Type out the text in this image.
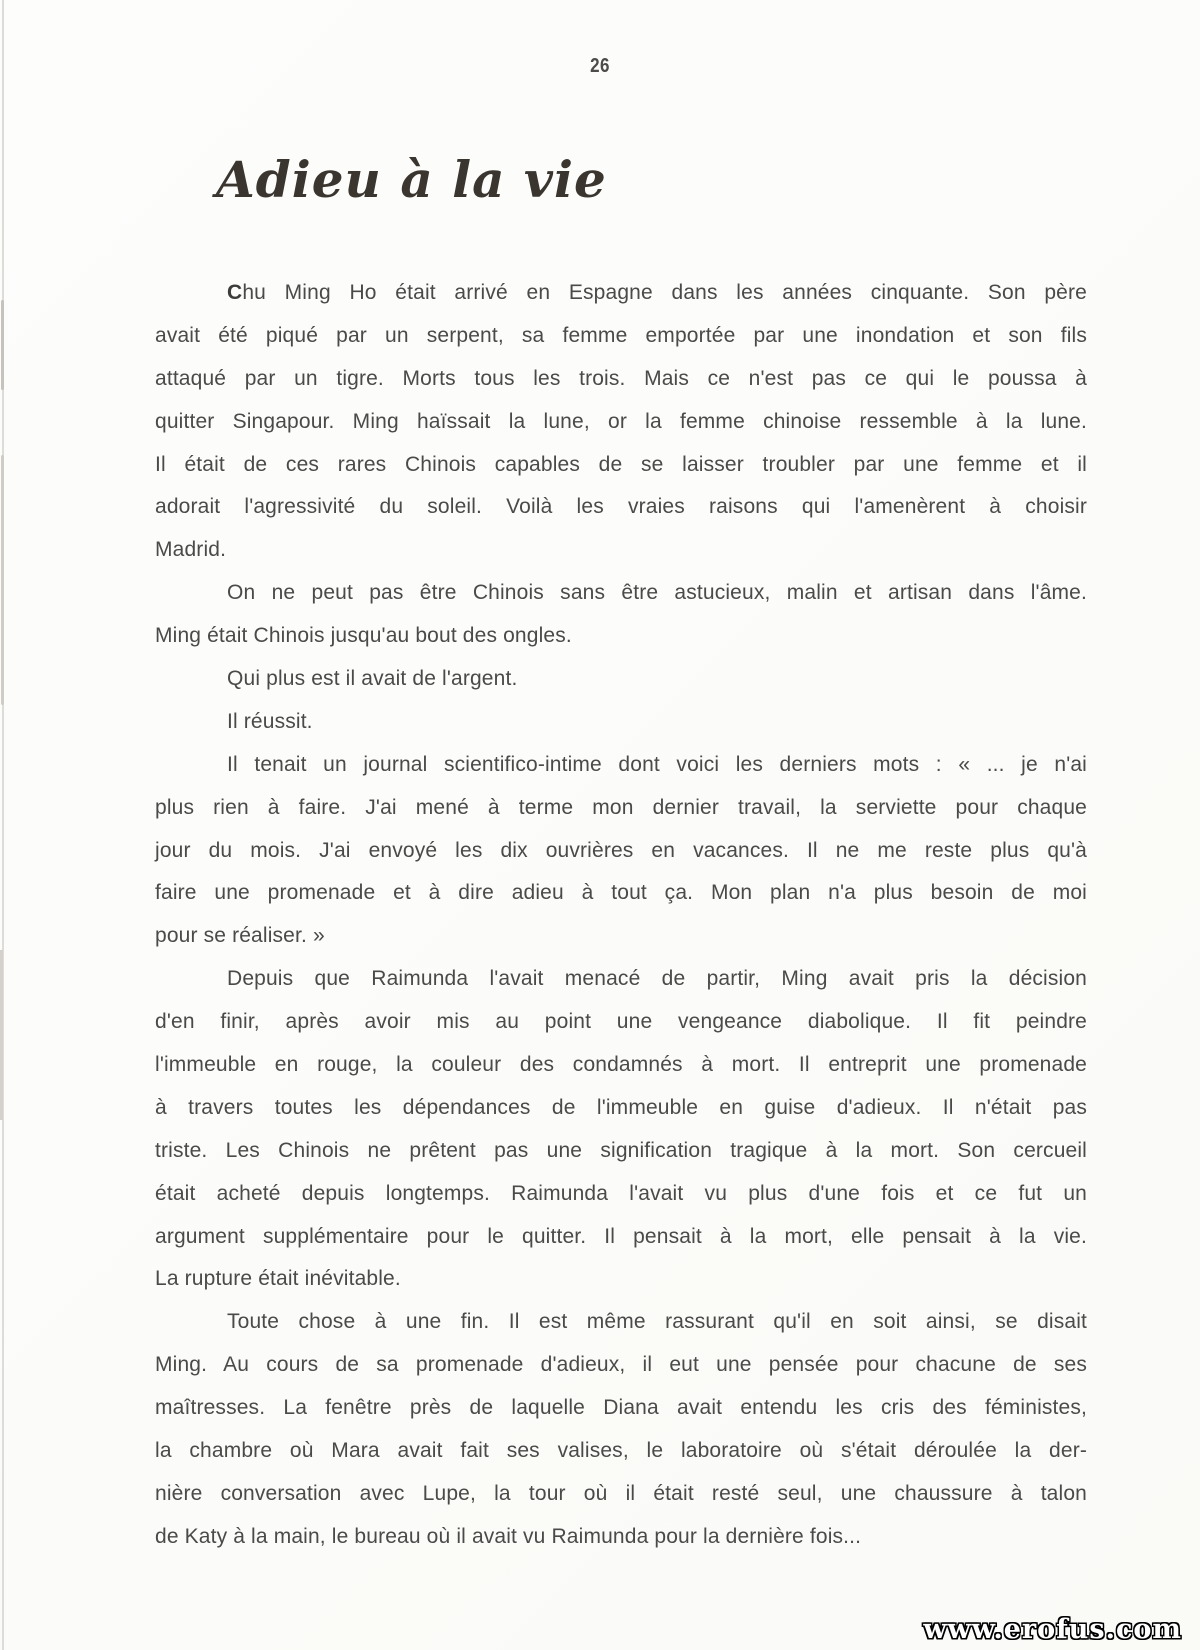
26
Adieu à la vie
Chu Ming Ho était arrivé en Espagne dans les années cinquante. Son père
avait été piqué par un serpent, sa femme emportée par une inondation et son fils
attaqué par un tigre. Morts tous les trois. Mais ce n'est pas ce qui le poussa à
quitter Singapour. Ming haïssait la lune, or la femme chinoise ressemble à la lune.
Il était de ces rares Chinois capables de se laisser troubler par une femme et il
adorait l'agressivité du soleil. Voilà les vraies raisons qui l'amenèrent à choisir
Madrid.
On ne peut pas être Chinois sans être astucieux, malin et artisan dans l'âme.
Ming était Chinois jusqu'au bout des ongles.
Qui plus est il avait de l'argent.
Il réussit.
Il tenait un journal scientifico-intime dont voici les derniers mots : « ... je n'ai
plus rien à faire. J'ai mené à terme mon dernier travail, la serviette pour chaque
jour du mois. J'ai envoyé les dix ouvrières en vacances. Il ne me reste plus qu'à
faire une promenade et à dire adieu à tout ça. Mon plan n'a plus besoin de moi
pour se réaliser. »
Depuis que Raimunda l'avait menacé de partir, Ming avait pris la décision
d'en finir, après avoir mis au point une vengeance diabolique. Il fit peindre
l'immeuble en rouge, la couleur des condamnés à mort. Il entreprit une promenade
à travers toutes les dépendances de l'immeuble en guise d'adieux. Il n'était pas
triste. Les Chinois ne prêtent pas une signification tragique à la mort. Son cercueil
était acheté depuis longtemps. Raimunda l'avait vu plus d'une fois et ce fut un
argument supplémentaire pour le quitter. Il pensait à la mort, elle pensait à la vie.
La rupture était inévitable.
Toute chose à une fin. Il est même rassurant qu'il en soit ainsi, se disait
Ming. Au cours de sa promenade d'adieux, il eut une pensée pour chacune de ses
maîtresses. La fenêtre près de laquelle Diana avait entendu les cris des féministes,
la chambre où Mara avait fait ses valises, le laboratoire où s'était déroulée la der-
nière conversation avec Lupe, la tour où il était resté seul, une chaussure à talon
de Katy à la main, le bureau où il avait vu Raimunda pour la dernière fois...
www.erofus.com
